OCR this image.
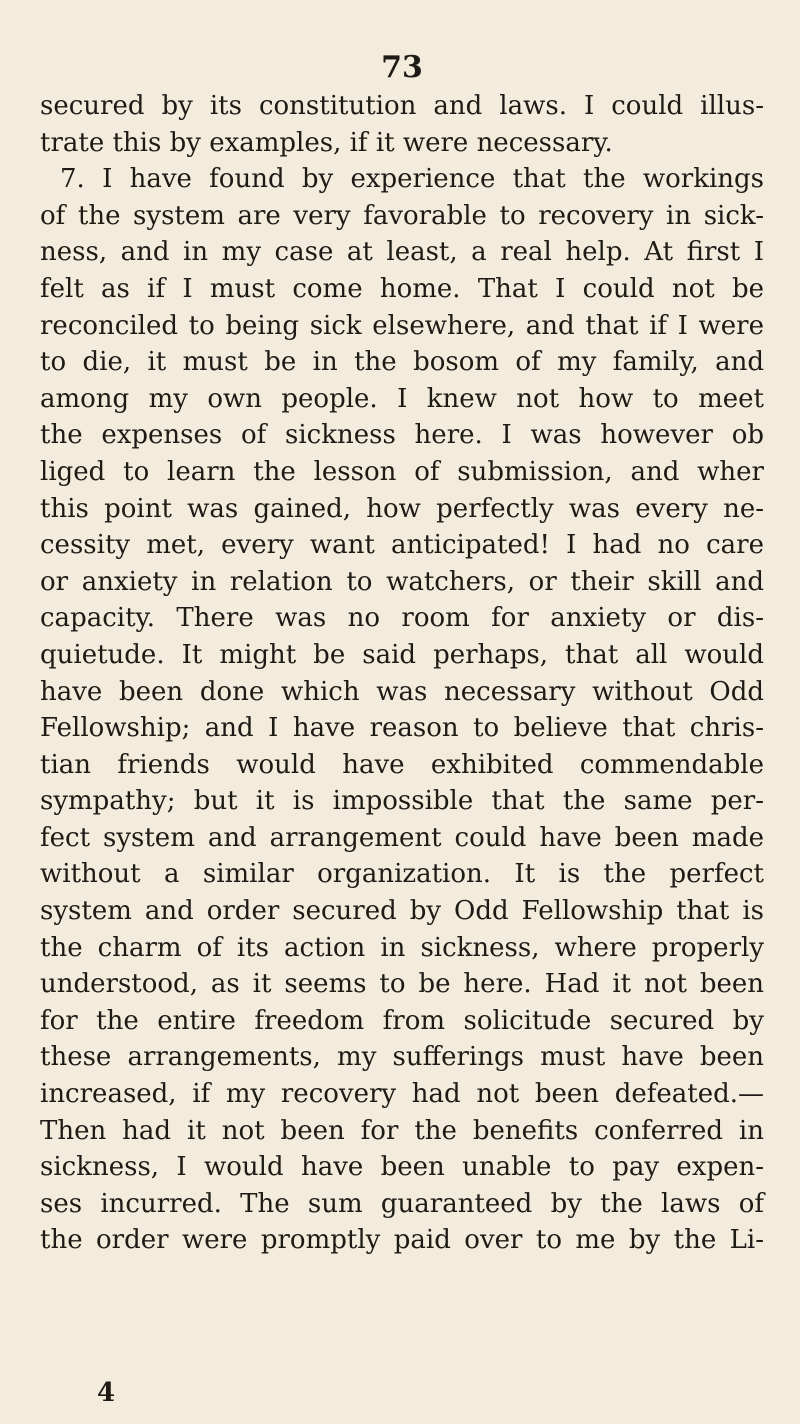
73
secured by its constitution and laws. I could illus-
trate this by examples, if it were necessary.
7. I have found by experience that the workings
of the system are very favorable to recovery in sick-
ness, and in my case at least, a real help. At first I
felt as if I must come home. That I could not be
reconciled to being sick elsewhere, and that if I were
to die, it must be in the bosom of my family, and
among my own people. I knew not how to meet
the expenses of sickness here. I was however ob
liged to learn the lesson of submission, and wher
this point was gained, how perfectly was every ne-
cessity met, every want anticipated! I had no care
or anxiety in relation to watchers, or their skill and
capacity. There was no room for anxiety or dis-
quietude. It might be said perhaps, that all would
have been done which was necessary without Odd
Fellowship; and I have reason to believe that chris-
tian friends would have exhibited commendable
sympathy; but it is impossible that the same per-
fect system and arrangement could have been made
without a similar organization. It is the perfect
system and order secured by Odd Fellowship that is
the charm of its action in sickness, where properly
understood, as it seems to be here. Had it not been
for the entire freedom from solicitude secured by
these arrangements, my sufferings must have been
increased, if my recovery had not been defeated.—
Then had it not been for the benefits conferred in
sickness, I would have been unable to pay expen-
ses incurred. The sum guaranteed by the laws of
the order were promptly paid over to me by the Li-
4
